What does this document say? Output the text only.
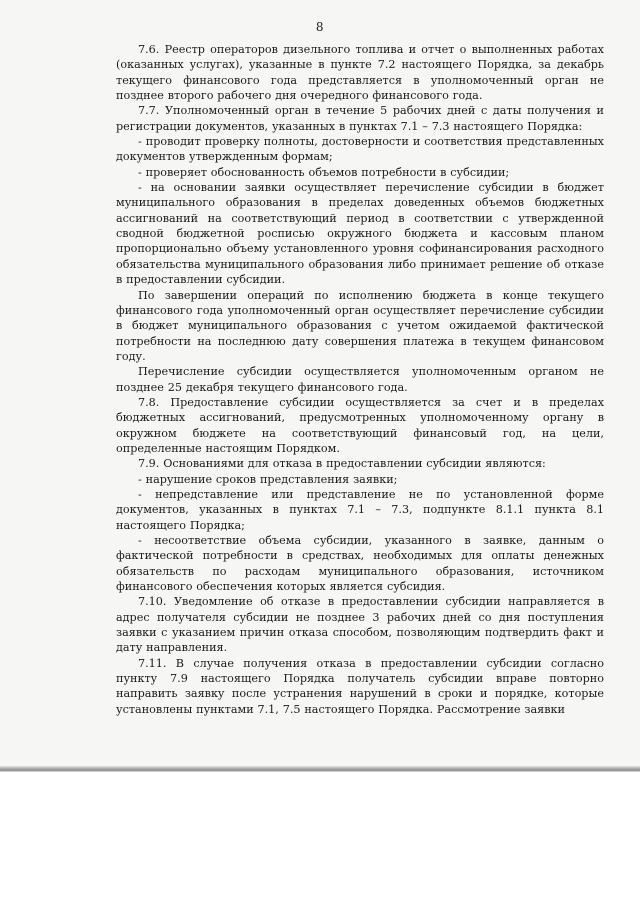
8

7.6. Реестр операторов дизельного топлива и отчет о выполненных работах (оказанных услугах), указанные в пункте 7.2 настоящего Порядка, за декабрь текущего финансового года представляется в уполномоченный орган не позднее второго рабочего дня очередного финансового года.

7.7. Уполномоченный орган в течение 5 рабочих дней с даты получения и регистрации документов, указанных в пунктах 7.1 – 7.3 настоящего Порядка:

- проводит проверку полноты, достоверности и соответствия представленных документов утвержденным формам;

- проверяет обоснованность объемов потребности в субсидии;

- на основании заявки осуществляет перечисление субсидии в бюджет муниципального образования в пределах доведенных объемов бюджетных ассигнований на соответствующий период в соответствии с утвержденной сводной бюджетной росписью окружного бюджета и кассовым планом пропорционально объему установленного уровня софинансирования расходного обязательства муниципального образования либо принимает решение об отказе в предоставлении субсидии.

По завершении операций по исполнению бюджета в конце текущего финансового года уполномоченный орган осуществляет перечисление субсидии в бюджет муниципального образования с учетом ожидаемой фактической потребности на последнюю дату совершения платежа в текущем финансовом году.

Перечисление субсидии осуществляется уполномоченным органом не позднее 25 декабря текущего финансового года.

7.8. Предоставление субсидии осуществляется за счет и в пределах бюджетных ассигнований, предусмотренных уполномоченному органу в окружном бюджете на соответствующий финансовый год, на цели, определенные настоящим Порядком.

7.9. Основаниями для отказа в предоставлении субсидии являются:

- нарушение сроков представления заявки;

- непредставление или представление не по установленной форме документов, указанных в пунктах 7.1 – 7.3, подпункте 8.1.1 пункта 8.1 настоящего Порядка;

- несоответствие объема субсидии, указанного в заявке, данным о фактической потребности в средствах, необходимых для оплаты денежных обязательств по расходам муниципального образования, источником финансового обеспечения которых является субсидия.

7.10. Уведомление об отказе в предоставлении субсидии направляется в адрес получателя субсидии не позднее 3 рабочих дней со дня поступления заявки с указанием причин отказа способом, позволяющим подтвердить факт и дату направления.

7.11. В случае получения отказа в предоставлении субсидии согласно пункту 7.9 настоящего Порядка получатель субсидии вправе повторно направить заявку после устранения нарушений в сроки и порядке, которые установлены пунктами 7.1, 7.5 настоящего Порядка. Рассмотрение заявки
